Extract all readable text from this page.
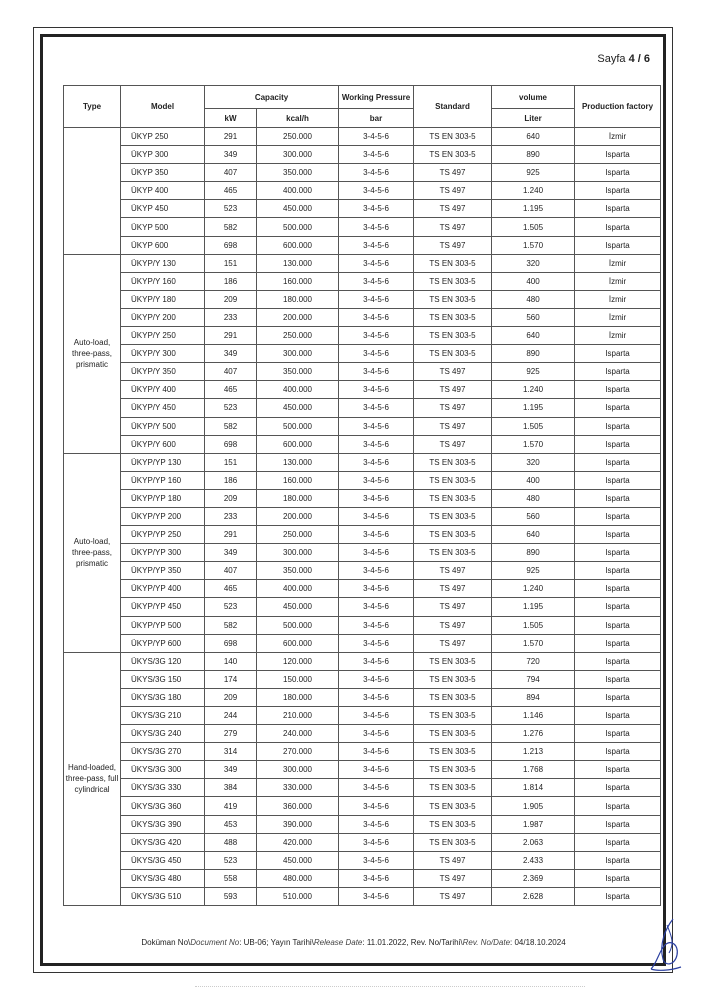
Sayfa 4 / 6
Type	Model	Capacity		Working Pressure	Standard	volume	Production factory
		kW	kcal/h	bar		Liter	
	ÜKYP 250	291	250.000	3-4-5-6	TS EN 303-5	640	İzmir
	ÜKYP 300	349	300.000	3-4-5-6	TS EN 303-5	890	Isparta
	ÜKYP 350	407	350.000	3-4-5-6	TS 497	925	Isparta
	ÜKYP 400	465	400.000	3-4-5-6	TS 497	1.240	Isparta
	ÜKYP 450	523	450.000	3-4-5-6	TS 497	1.195	Isparta
	ÜKYP 500	582	500.000	3-4-5-6	TS 497	1.505	Isparta
	ÜKYP 600	698	600.000	3-4-5-6	TS 497	1.570	Isparta
Auto-load, three-pass, prismatic	ÜKYP/Y 130	151	130.000	3-4-5-6	TS EN 303-5	320	İzmir
	ÜKYP/Y 160	186	160.000	3-4-5-6	TS EN 303-5	400	İzmir
	ÜKYP/Y 180	209	180.000	3-4-5-6	TS EN 303-5	480	İzmir
	ÜKYP/Y 200	233	200.000	3-4-5-6	TS EN 303-5	560	İzmir
	ÜKYP/Y 250	291	250.000	3-4-5-6	TS EN 303-5	640	İzmir
	ÜKYP/Y 300	349	300.000	3-4-5-6	TS EN 303-5	890	Isparta
	ÜKYP/Y 350	407	350.000	3-4-5-6	TS 497	925	Isparta
	ÜKYP/Y 400	465	400.000	3-4-5-6	TS 497	1.240	Isparta
	ÜKYP/Y 450	523	450.000	3-4-5-6	TS 497	1.195	Isparta
	ÜKYP/Y 500	582	500.000	3-4-5-6	TS 497	1.505	Isparta
	ÜKYP/Y 600	698	600.000	3-4-5-6	TS 497	1.570	Isparta
Auto-load, three-pass, prismatic	ÜKYP/YP 130	151	130.000	3-4-5-6	TS EN 303-5	320	Isparta
	ÜKYP/YP 160	186	160.000	3-4-5-6	TS EN 303-5	400	Isparta
	ÜKYP/YP 180	209	180.000	3-4-5-6	TS EN 303-5	480	Isparta
	ÜKYP/YP 200	233	200.000	3-4-5-6	TS EN 303-5	560	Isparta
	ÜKYP/YP 250	291	250.000	3-4-5-6	TS EN 303-5	640	Isparta
	ÜKYP/YP 300	349	300.000	3-4-5-6	TS EN 303-5	890	Isparta
	ÜKYP/YP 350	407	350.000	3-4-5-6	TS 497	925	Isparta
	ÜKYP/YP 400	465	400.000	3-4-5-6	TS 497	1.240	Isparta
	ÜKYP/YP 450	523	450.000	3-4-5-6	TS 497	1.195	Isparta
	ÜKYP/YP 500	582	500.000	3-4-5-6	TS 497	1.505	Isparta
	ÜKYP/YP 600	698	600.000	3-4-5-6	TS 497	1.570	Isparta
Hand-loaded, three-pass, full cylindrical	ÜKYS/3G 120	140	120.000	3-4-5-6	TS EN 303-5	720	Isparta
	ÜKYS/3G 150	174	150.000	3-4-5-6	TS EN 303-5	794	Isparta
	ÜKYS/3G 180	209	180.000	3-4-5-6	TS EN 303-5	894	Isparta
	ÜKYS/3G 210	244	210.000	3-4-5-6	TS EN 303-5	1.146	Isparta
	ÜKYS/3G 240	279	240.000	3-4-5-6	TS EN 303-5	1.276	Isparta
	ÜKYS/3G 270	314	270.000	3-4-5-6	TS EN 303-5	1.213	Isparta
	ÜKYS/3G 300	349	300.000	3-4-5-6	TS EN 303-5	1.768	Isparta
	ÜKYS/3G 330	384	330.000	3-4-5-6	TS EN 303-5	1.814	Isparta
	ÜKYS/3G 360	419	360.000	3-4-5-6	TS EN 303-5	1.905	Isparta
	ÜKYS/3G 390	453	390.000	3-4-5-6	TS EN 303-5	1.987	Isparta
	ÜKYS/3G 420	488	420.000	3-4-5-6	TS EN 303-5	2.063	Isparta
	ÜKYS/3G 450	523	450.000	3-4-5-6	TS 497	2.433	Isparta
	ÜKYS/3G 480	558	480.000	3-4-5-6	TS 497	2.369	Isparta
	ÜKYS/3G 510	593	510.000	3-4-5-6	TS 497	2.628	Isparta
Doküman No\Document No: UB-06; Yayın Tarihi\Release Date: 11.01.2022, Rev. No/Tarihi\Rev. No/Date: 04/18.10.2024
